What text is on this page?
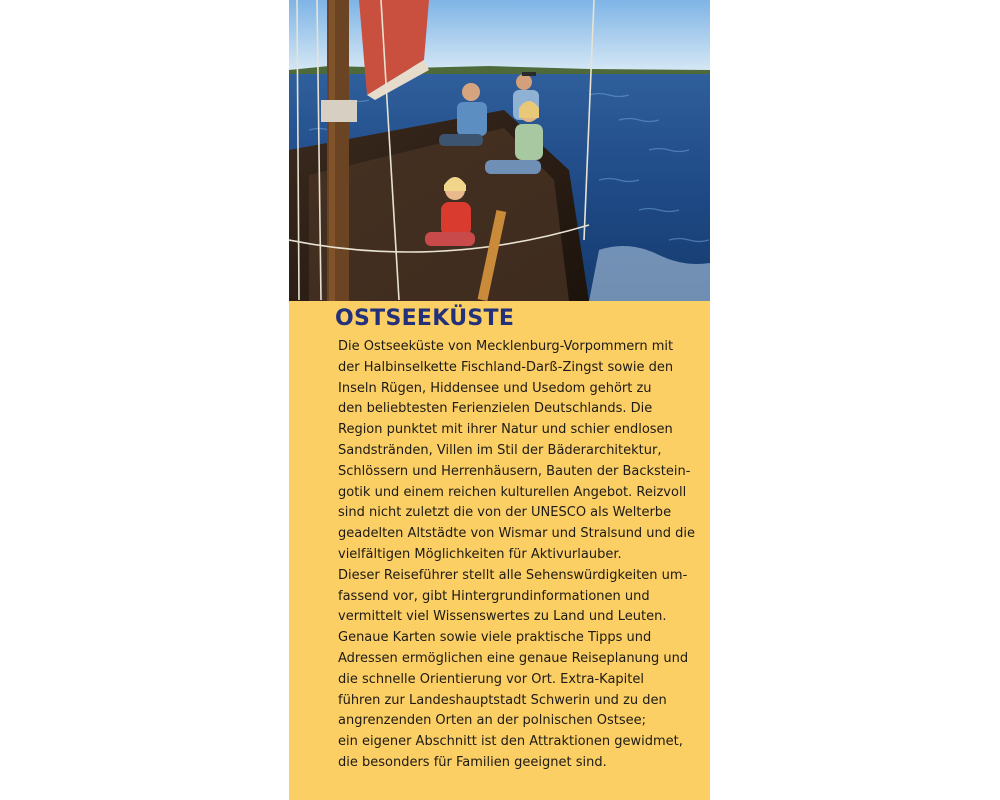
OSTSEEKÜSTE
Die Ostseeküste von Mecklenburg-Vorpommern mit
der Halbinselkette Fischland-Darß-Zingst sowie den
Inseln Rügen, Hiddensee und Usedom gehört zu
den beliebtesten Ferienzielen Deutschlands. Die
Region punktet mit ihrer Natur und schier endlosen
Sandstränden, Villen im Stil der Bäderarchitektur,
Schlössern und Herrenhäusern, Bauten der Backstein-
gotik und einem reichen kulturellen Angebot. Reizvoll
sind nicht zuletzt die von der UNESCO als Welterbe
geadelten Altstädte von Wismar und Stralsund und die
vielfältigen Möglichkeiten für Aktivurlauber.
Dieser Reiseführer stellt alle Sehenswürdigkeiten um-
fassend vor, gibt Hintergrundinformationen und
vermittelt viel Wissenswertes zu Land und Leuten.
Genaue Karten sowie viele praktische Tipps und
Adressen ermöglichen eine genaue Reiseplanung und
die schnelle Orientierung vor Ort. Extra-Kapitel
führen zur Landeshauptstadt Schwerin und zu den
angrenzenden Orten an der polnischen Ostsee;
ein eigener Abschnitt ist den Attraktionen gewidmet,
die besonders für Familien geeignet sind.
